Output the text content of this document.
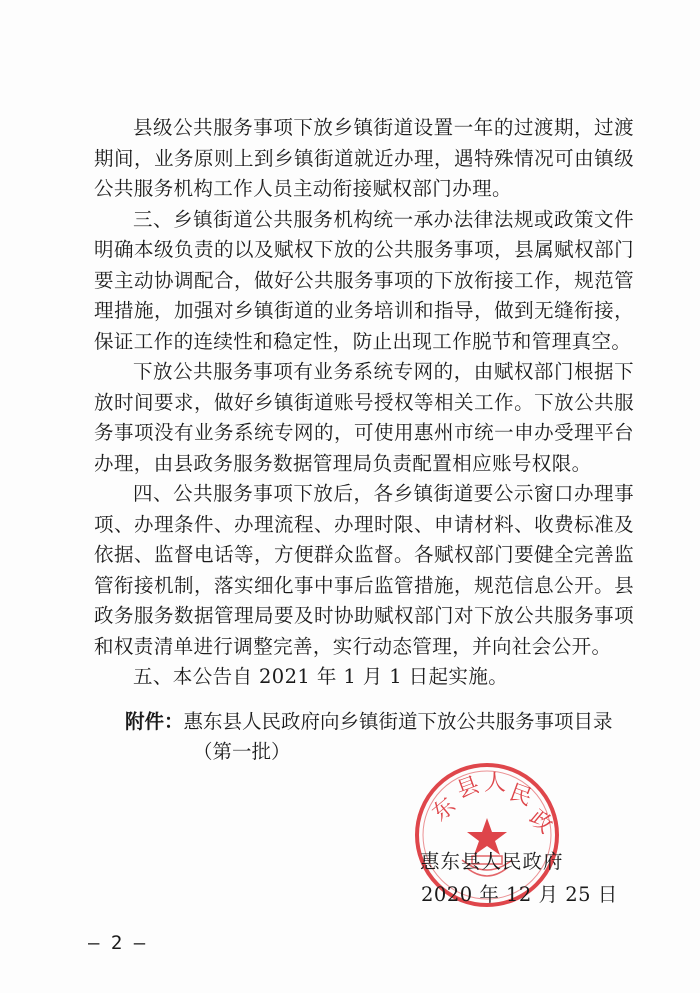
县级公共服务事项下放乡镇街道设置一年的过渡期，过渡期间，业务原则上到乡镇街道就近办理，遇特殊情况可由镇级公共服务机构工作人员主动衔接赋权部门办理。

三、乡镇街道公共服务机构统一承办法律法规或政策文件明确本级负责的以及赋权下放的公共服务事项，县属赋权部门要主动协调配合，做好公共服务事项的下放衔接工作，规范管理措施，加强对乡镇街道的业务培训和指导，做到无缝衔接，保证工作的连续性和稳定性，防止出现工作脱节和管理真空。

下放公共服务事项有业务系统专网的，由赋权部门根据下放时间要求，做好乡镇街道账号授权等相关工作。下放公共服务事项没有业务系统专网的，可使用惠州市统一申办受理平台办理，由县政务服务数据管理局负责配置相应账号权限。

四、公共服务事项下放后，各乡镇街道要公示窗口办理事项、办理条件、办理流程、办理时限、申请材料、收费标准及依据、监督电话等，方便群众监督。各赋权部门要健全完善监管衔接机制，落实细化事中事后监管措施，规范信息公开。县政务服务数据管理局要及时协助赋权部门对下放公共服务事项和权责清单进行调整完善，实行动态管理，并向社会公开。

五、本公告自 2021 年 1 月 1 日起实施。

附件： 惠东县人民政府向乡镇街道下放公共服务事项目录
（第一批）
东
县 人 民
政
惠东县人民政府
2020 年 12 月 25 日
— 2 —
